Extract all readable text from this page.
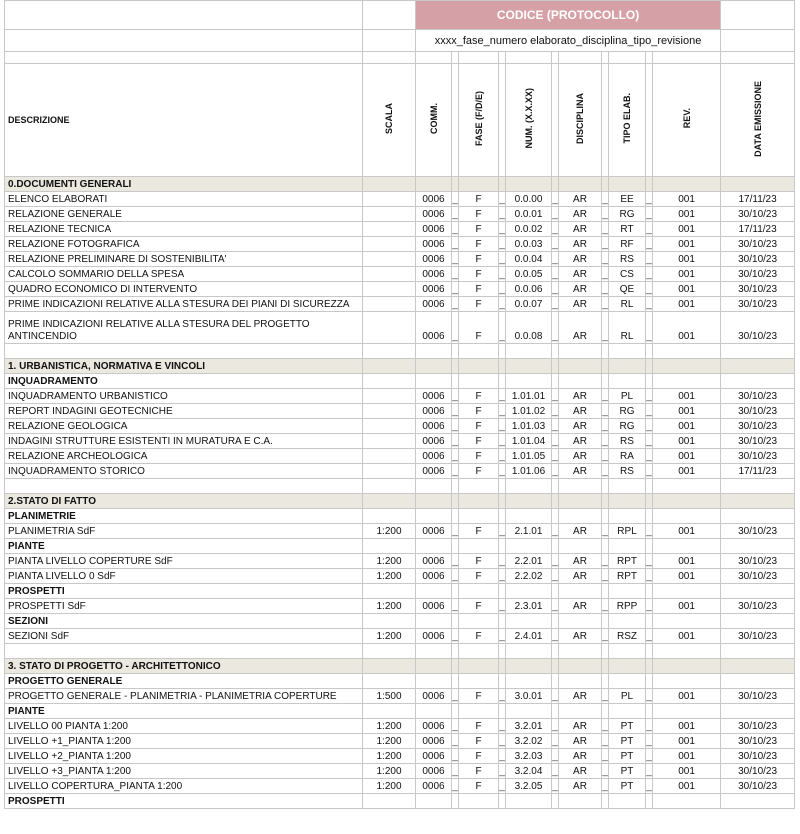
		CODICE (PROTOCOLLO)											
		xxxx_fase_numero elaborato_disciplina_tipo_revisione											

DESCRIZIONE	SCALA	COMM.		FASE (F/D/E)		NUM. (X.X.XX)		DISCIPLINA		TIPO ELAB.		REV.	DATA EMISSIONE
0.DOCUMENTI GENERALI													
ELENCO ELABORATI		0006	_	F	_	0.0.00	_	AR	_	EE	_	001	17/11/23
RELAZIONE GENERALE		0006	_	F	_	0.0.01	_	AR	_	RG	_	001	30/10/23
RELAZIONE TECNICA		0006	_	F	_	0.0.02	_	AR	_	RT	_	001	17/11/23
RELAZIONE FOTOGRAFICA		0006	_	F	_	0.0.03	_	AR	_	RF	_	001	30/10/23
RELAZIONE PRELIMINARE DI SOSTENIBILITA'		0006	_	F	_	0.0.04	_	AR	_	RS	_	001	30/10/23
CALCOLO SOMMARIO DELLA SPESA		0006	_	F	_	0.0.05	_	AR	_	CS	_	001	30/10/23
QUADRO ECONOMICO DI INTERVENTO		0006	_	F	_	0.0.06	_	AR	_	QE	_	001	30/10/23
PRIME INDICAZIONI RELATIVE ALLA STESURA DEI PIANI DI SICUREZZA		0006	_	F	_	0.0.07	_	AR	_	RL	_	001	30/10/23
PRIME INDICAZIONI RELATIVE ALLA STESURA DEL PROGETTO ANTINCENDIO		0006	_	F	_	0.0.08	_	AR	_	RL	_	001	30/10/23

1. URBANISTICA, NORMATIVA E VINCOLI													
INQUADRAMENTO													
INQUADRAMENTO URBANISTICO		0006	_	F	_	1.01.01	_	AR	_	PL	_	001	30/10/23
REPORT INDAGINI GEOTECNICHE		0006	_	F	_	1.01.02	_	AR	_	RG	_	001	30/10/23
RELAZIONE GEOLOGICA		0006	_	F	_	1.01.03	_	AR	_	RG	_	001	30/10/23
INDAGINI STRUTTURE ESISTENTI IN MURATURA E C.A.		0006	_	F	_	1.01.04	_	AR	_	RS	_	001	30/10/23
RELAZIONE ARCHEOLOGICA		0006	_	F	_	1.01.05	_	AR	_	RA	_	001	30/10/23
INQUADRAMENTO STORICO		0006	_	F	_	1.01.06	_	AR	_	RS	_	001	17/11/23

2.STATO DI FATTO													
PLANIMETRIE													
PLANIMETRIA SdF	1:200	0006	_	F	_	2.1.01	_	AR	_	RPL	_	001	30/10/23
PIANTE													
PIANTA LIVELLO COPERTURE SdF	1:200	0006	_	F	_	2.2.01	_	AR	_	RPT	_	001	30/10/23
PIANTA LIVELLO 0 SdF	1:200	0006	_	F	_	2.2.02	_	AR	_	RPT	_	001	30/10/23
PROSPETTI													
PROSPETTI SdF	1:200	0006	_	F	_	2.3.01	_	AR	_	RPP	_	001	30/10/23
SEZIONI													
SEZIONI SdF	1:200	0006	_	F	_	2.4.01	_	AR	_	RSZ	_	001	30/10/23

3. STATO DI PROGETTO - ARCHITETTONICO													
PROGETTO GENERALE													
PROGETTO GENERALE - PLANIMETRIA - PLANIMETRIA COPERTURE	1:500	0006	_	F	_	3.0.01	_	AR	_	PL	_	001	30/10/23
PIANTE													
LIVELLO 00 PIANTA 1:200	1:200	0006	_	F	_	3.2.01	_	AR	_	PT	_	001	30/10/23
LIVELLO +1_PIANTA 1:200	1:200	0006	_	F	_	3.2.02	_	AR	_	PT	_	001	30/10/23
LIVELLO +2_PIANTA 1:200	1:200	0006	_	F	_	3.2.03	_	AR	_	PT	_	001	30/10/23
LIVELLO +3_PIANTA 1:200	1:200	0006	_	F	_	3.2.04	_	AR	_	PT	_	001	30/10/23
LIVELLO COPERTURA_PIANTA 1:200	1:200	0006	_	F	_	3.2.05	_	AR	_	PT	_	001	30/10/23
PROSPETTI													
